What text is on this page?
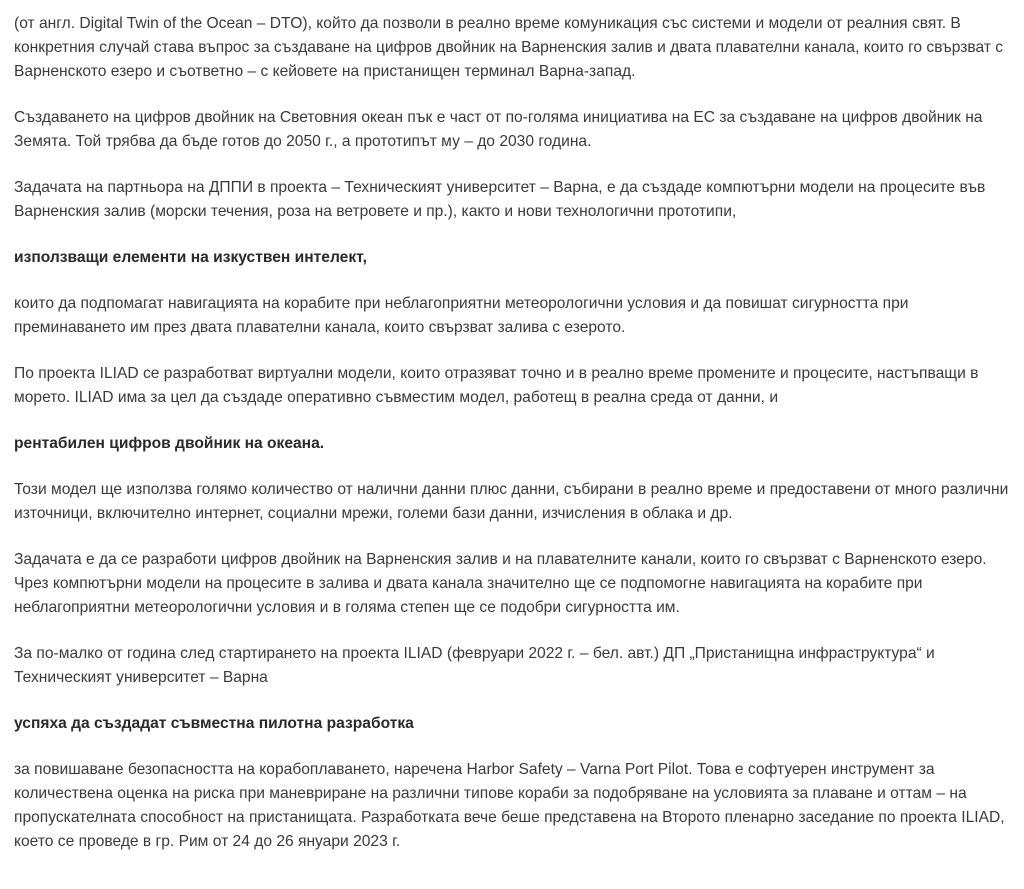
(от англ. Digital Twin of the Ocean – DTO), който да позволи в реално време комуникация със системи и модели от реалния свят. В конкретния случай става въпрос за създаване на цифров двойник на Варненския залив и двата плавателни канала, които го свързват с Варненското езеро и съответно – с кейовете на пристанищен терминал Варна-запад.

Създаването на цифров двойник на Световния океан пък е част от по-голяма инициатива на ЕС за създаване на цифров двойник на Земята. Той трябва да бъде готов до 2050 г., а прототипът му – до 2030 година.

Задачата на партньора на ДППИ в проекта – Техническият университет – Варна, е да създаде компютърни модели на процесите във Варненския залив (морски течения, роза на ветровете и пр.), както и нови технологични прототипи,

използващи елементи на изкуствен интелект,

които да подпомагат навигацията на корабите при неблагоприятни метеорологични условия и да повишат сигурността при преминаването им през двата плавателни канала, които свързват залива с езерото.

По проекта ILIAD се разработват виртуални модели, които отразяват точно и в реално време промените и процесите, настъпващи в морето. ILIAD има за цел да създаде оперативно съвместим модел, работещ в реална среда от данни, и

рентабилен цифров двойник на океана.

Този модел ще използва голямо количество от налични данни плюс данни, събирани в реално време и предоставени от много различни източници, включително интернет, социални мрежи, големи бази данни, изчисления в облака и др.

Задачата е да се разработи цифров двойник на Варненския залив и на плавателните канали, които го свързват с Варненското езеро. Чрез компютърни модели на процесите в залива и двата канала значително ще се подпомогне навигацията на корабите при неблагоприятни метеорологични условия и в голяма степен ще се подобри сигурността им.

За по-малко от година след стартирането на проекта ILIAD (февруари 2022 г. – бел. авт.) ДП „Пристанищна инфраструктура“ и Техническият университет – Варна

успяха да създадат съвместна пилотна разработка

за повишаване безопасността на корабоплаването, наречена Harbor Safety – Varna Port Pilot. Това е софтуерен инструмент за количествена оценка на риска при маневриране на различни типове кораби за подобряване на условията за плаване и оттам – на пропускателната способност на пристанищата. Разработката вече беше представена на Второто пленарно заседание по проекта ILIAD, което се проведе в гр. Рим от 24 до 26 януари 2023 г.
